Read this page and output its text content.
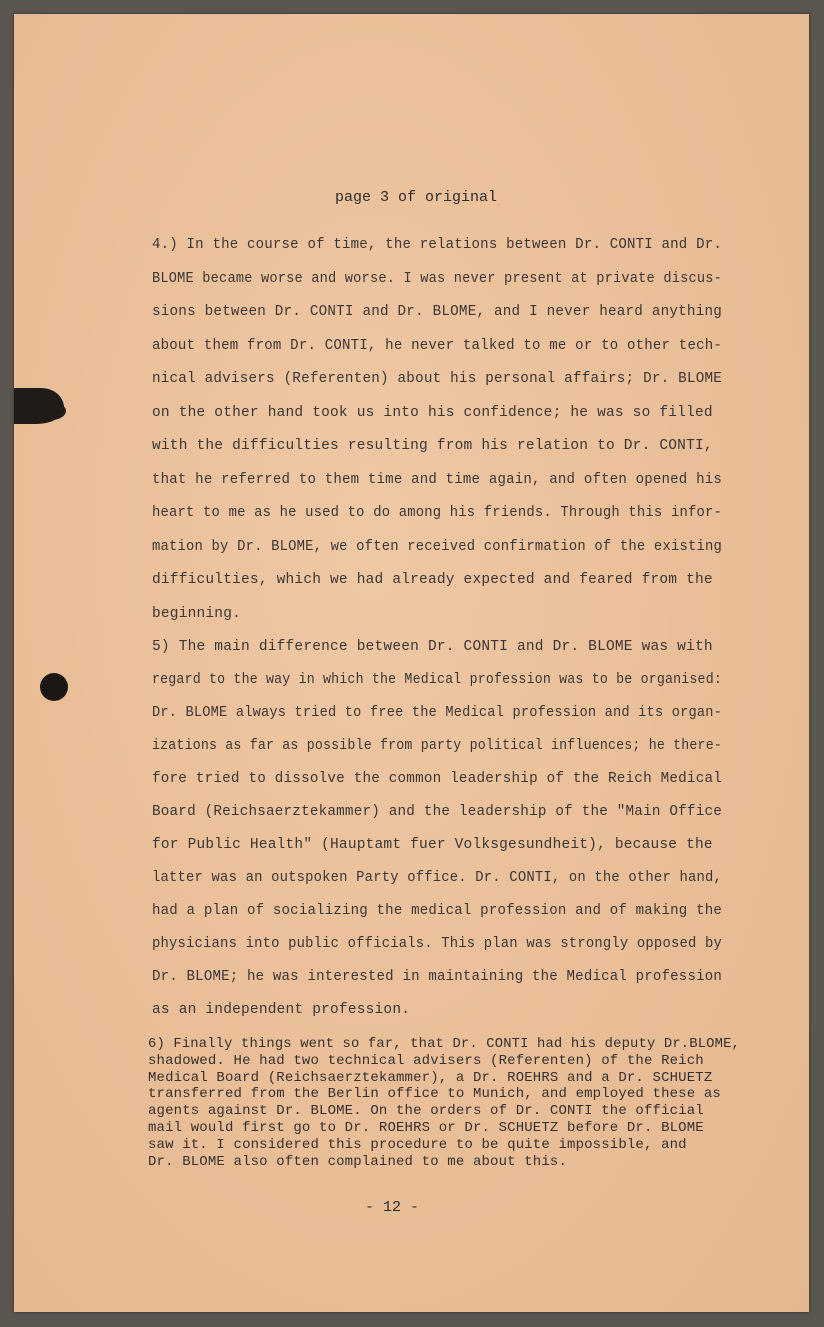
page 3 of original
4.) In the course of time, the relations between Dr. CONTI and Dr.
BLOME became worse and worse. I was never present at private discus-
sions between Dr. CONTI and Dr. BLOME, and I never heard anything
about them from Dr. CONTI, he never talked to me or to other tech-
nical advisers (Referenten) about his personal affairs; Dr. BLOME
on the other hand took us into his confidence; he was so filled
with the difficulties resulting from his relation to Dr. CONTI,
that he referred to them time and time again, and often opened his
heart to me as he used to do among his friends. Through this infor-
mation by Dr. BLOME, we often received confirmation of the existing
difficulties, which we had already expected and feared from the
beginning.
5) The main difference between Dr. CONTI and Dr. BLOME was with
regard to the way in which the Medical profession was to be organised:
Dr. BLOME always tried to free the Medical profession and its organ-
izations as far as possible from party political influences; he there-
fore tried to dissolve the common leadership of the Reich Medical
Board (Reichsaerztekammer) and the leadership of the "Main Office
for Public Health" (Hauptamt fuer Volksgesundheit), because the
latter was an outspoken Party office. Dr. CONTI, on the other hand,
had a plan of socializing the medical profession and of making the
physicians into public officials. This plan was strongly opposed by
Dr. BLOME; he was interested in maintaining the Medical profession
as an independent profession.
6) Finally things went so far, that Dr. CONTI had his deputy Dr.BLOME,
shadowed. He had two technical advisers (Referenten) of the Reich
Medical Board (Reichsaerztekammer), a Dr. ROEHRS and a Dr. SCHUETZ
transferred from the Berlin office to Munich, and employed these as
agents against Dr. BLOME. On the orders of Dr. CONTI the official
mail would first go to Dr. ROEHRS or Dr. SCHUETZ before Dr. BLOME
saw it. I considered this procedure to be quite impossible, and
Dr. BLOME also often complained to me about this.
- 12 -
